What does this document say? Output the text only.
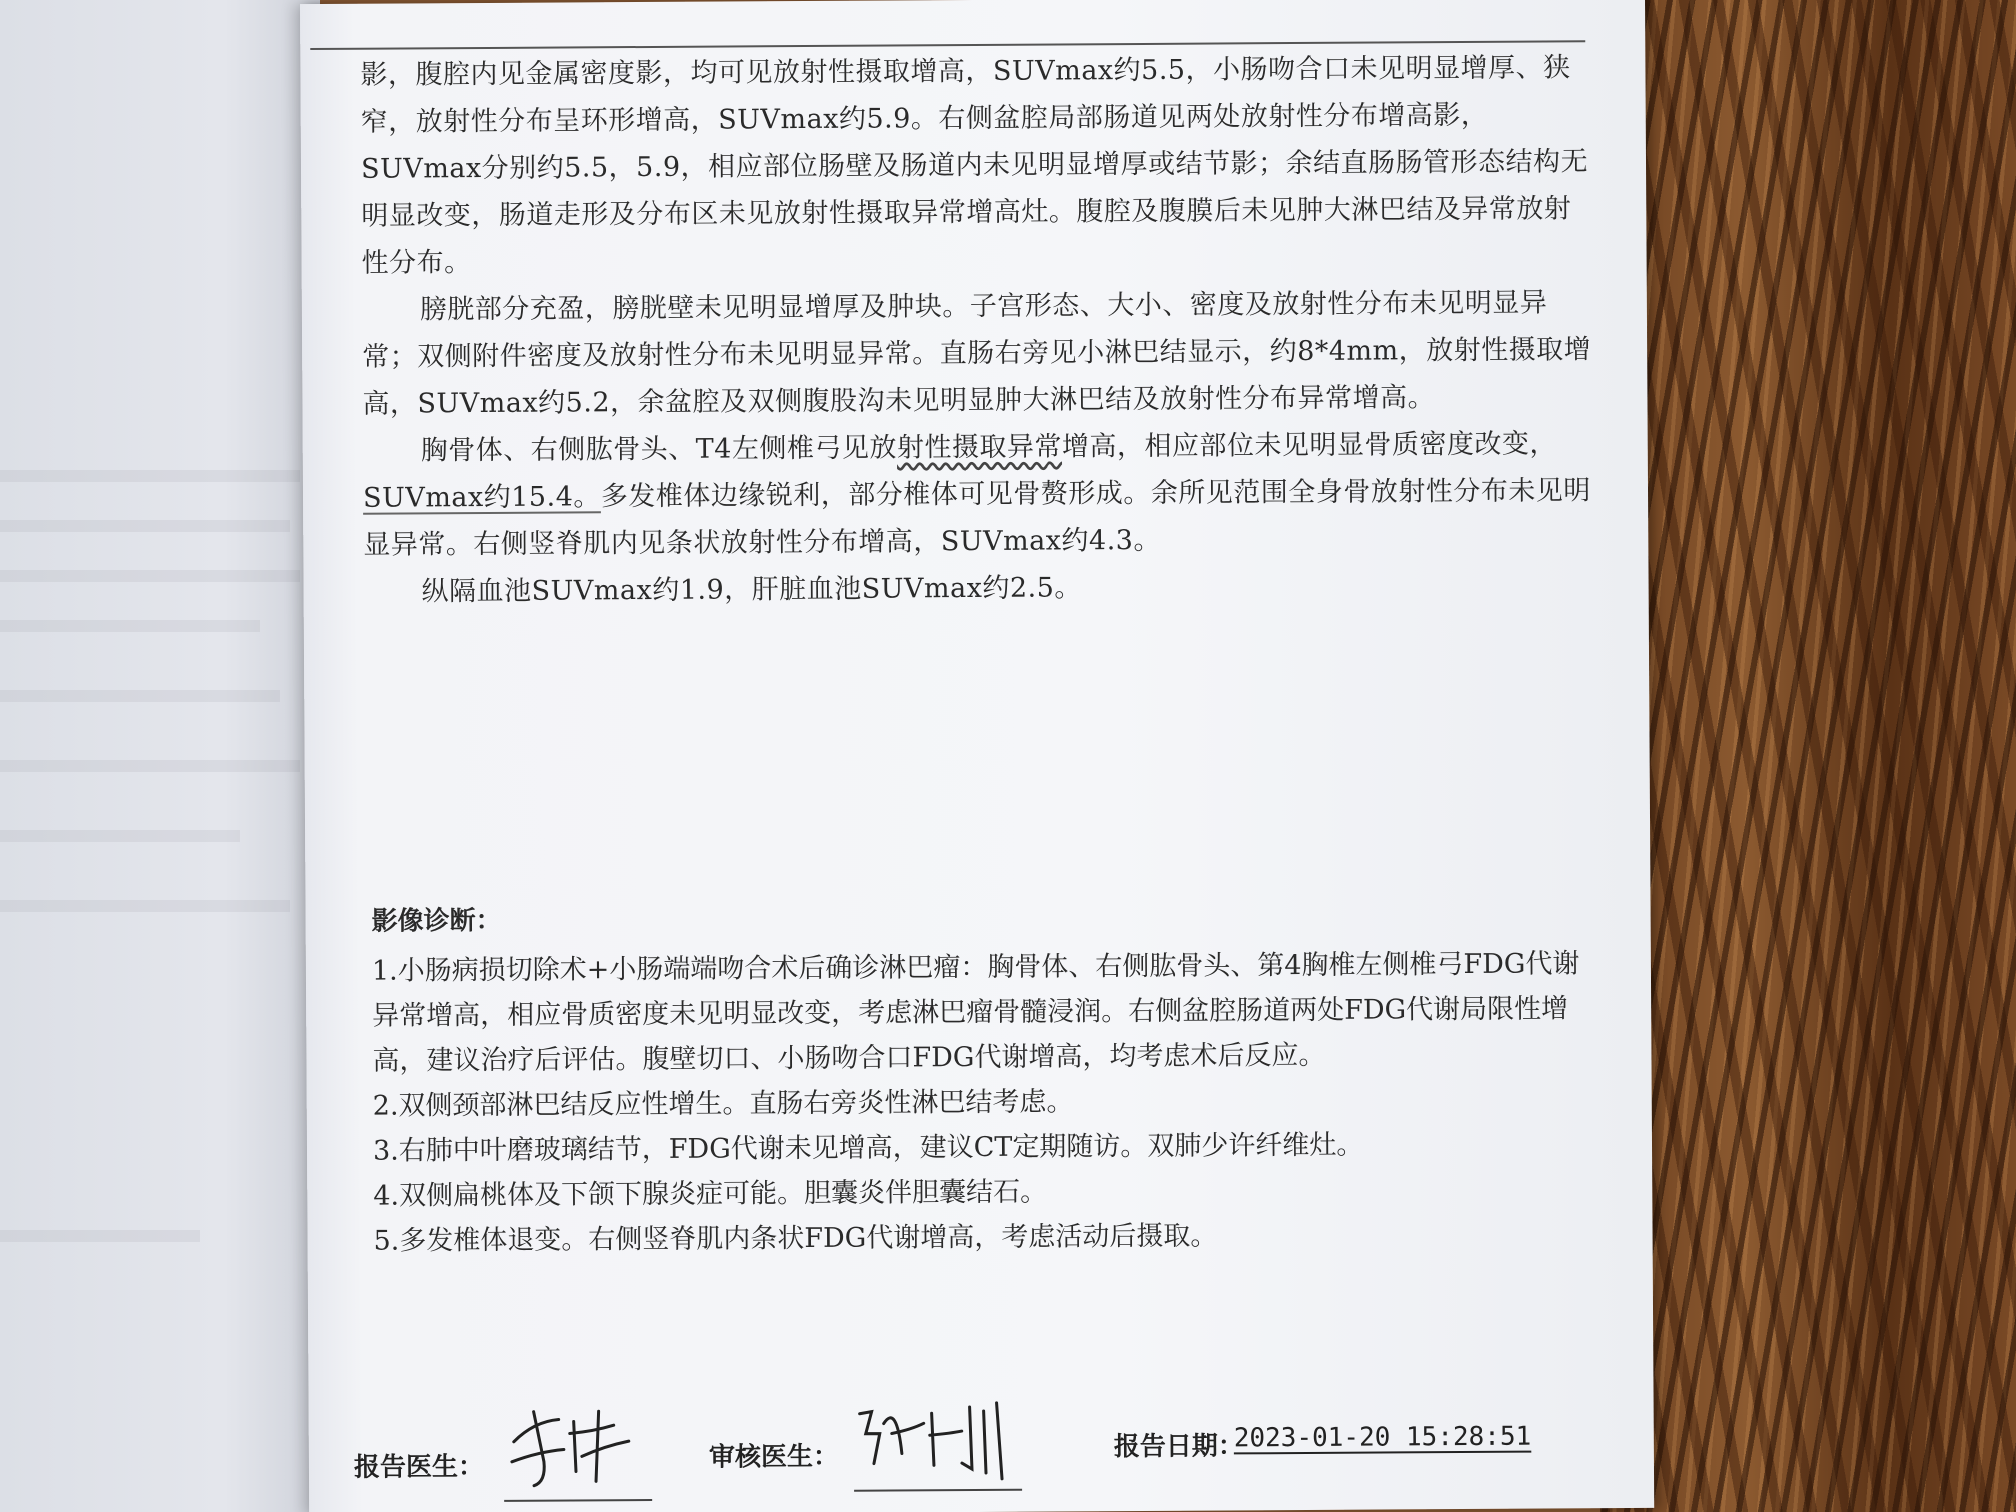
影，腹腔内见金属密度影，均可见放射性摄取增高，SUVmax约5.5，小肠吻合口未见明显增厚、狭窄，放射性分布呈环形增高，SUVmax约5.9。右侧盆腔局部肠道见两处放射性分布增高影，SUVmax分别约5.5，5.9，相应部位肠壁及肠道内未见明显增厚或结节影；余结直肠肠管形态结构无明显改变，肠道走形及分布区未见放射性摄取异常增高灶。腹腔及腹膜后未见肿大淋巴结及异常放射性分布。

膀胱部分充盈，膀胱壁未见明显增厚及肿块。子宫形态、大小、密度及放射性分布未见明显异常；双侧附件密度及放射性分布未见明显异常。直肠右旁见小淋巴结显示，约8*4mm，放射性摄取增高，SUVmax约5.2，余盆腔及双侧腹股沟未见明显肿大淋巴结及放射性分布异常增高。

胸骨体、右侧肱骨头、T4左侧椎弓见放射性摄取异常增高，相应部位未见明显骨质密度改变，SUVmax约15.4。多发椎体边缘锐利，部分椎体可见骨赘形成。余所见范围全身骨放射性分布未见明显异常。右侧竖脊肌内见条状放射性分布增高，SUVmax约4.3。

纵隔血池SUVmax约1.9，肝脏血池SUVmax约2.5。

影像诊断：

1.小肠病损切除术+小肠端端吻合术后确诊淋巴瘤：胸骨体、右侧肱骨头、第4胸椎左侧椎弓FDG代谢异常增高，相应骨质密度未见明显改变，考虑淋巴瘤骨髓浸润。右侧盆腔肠道两处FDG代谢局限性增高，建议治疗后评估。腹壁切口、小肠吻合口FDG代谢增高，均考虑术后反应。

2.双侧颈部淋巴结反应性增生。直肠右旁炎性淋巴结考虑。

3.右肺中叶磨玻璃结节，FDG代谢未见增高，建议CT定期随访。双肺少许纤维灶。

4.双侧扁桃体及下颌下腺炎症可能。胆囊炎伴胆囊结石。

5.多发椎体退变。右侧竖脊肌内条状FDG代谢增高，考虑活动后摄取。

报告医生：	审核医生：	报告日期：
2023-01-20 15:28:51
